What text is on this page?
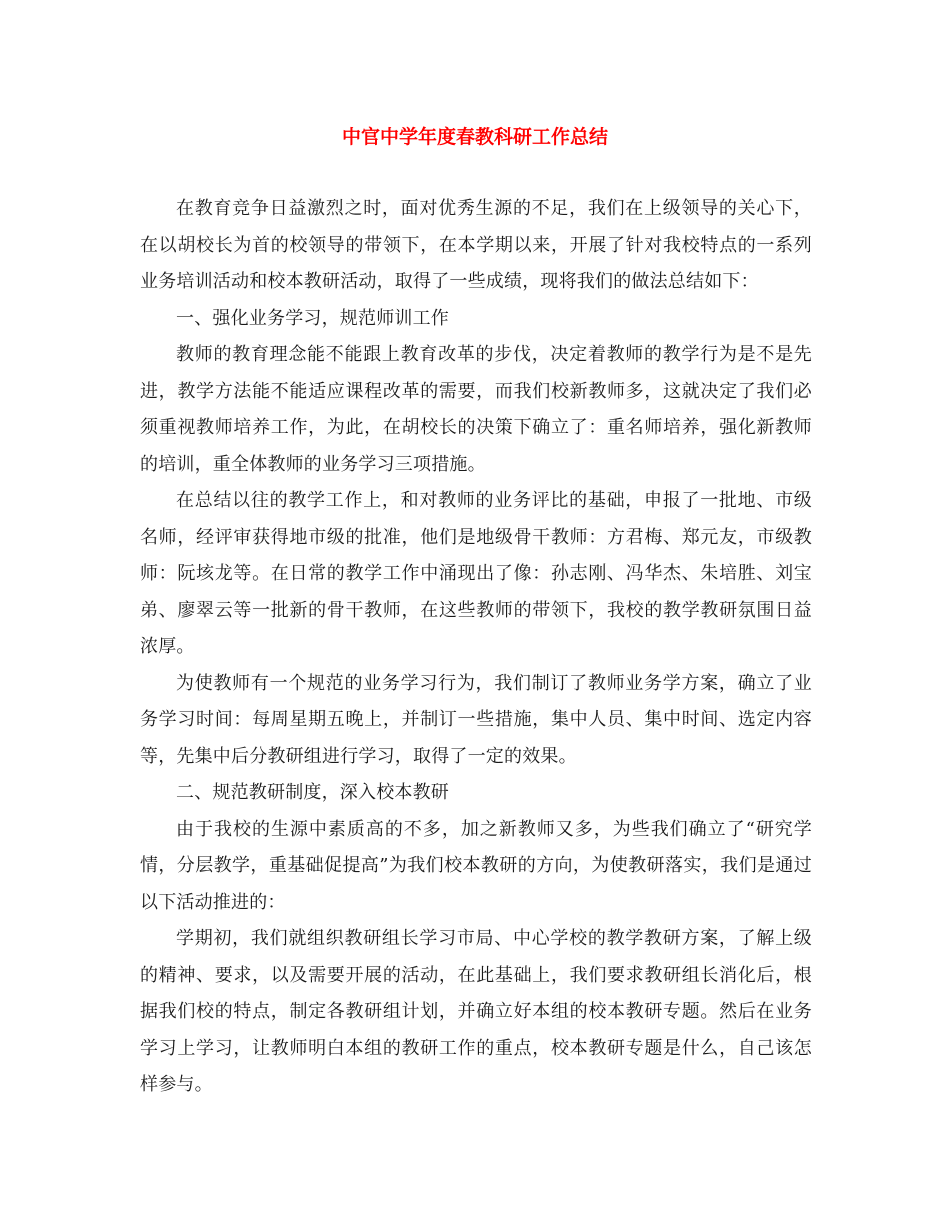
中官中学年度春教科研工作总结

在教育竞争日益激烈之时，面对优秀生源的不足，我们在上级领导的关心下，在以胡校长为首的校领导的带领下，在本学期以来，开展了针对我校特点的一系列业务培训活动和校本教研活动，取得了一些成绩，现将我们的做法总结如下：

一、强化业务学习，规范师训工作

教师的教育理念能不能跟上教育改革的步伐，决定着教师的教学行为是不是先进，教学方法能不能适应课程改革的需要，而我们校新教师多，这就决定了我们必须重视教师培养工作，为此，在胡校长的决策下确立了：重名师培养，强化新教师的培训，重全体教师的业务学习三项措施。

在总结以往的教学工作上，和对教师的业务评比的基础，申报了一批地、市级名师，经评审获得地市级的批准，他们是地级骨干教师：方君梅、郑元友，市级教师：阮垓龙等。在日常的教学工作中涌现出了像：孙志刚、冯华杰、朱培胜、刘宝弟、廖翠云等一批新的骨干教师，在这些教师的带领下，我校的教学教研氛围日益浓厚。

为使教师有一个规范的业务学习行为，我们制订了教师业务学方案，确立了业务学习时间：每周星期五晚上，并制订一些措施，集中人员、集中时间、选定内容等，先集中后分教研组进行学习，取得了一定的效果。

二、规范教研制度，深入校本教研

由于我校的生源中素质高的不多，加之新教师又多，为些我们确立了“研究学情，分层教学，重基础促提高”为我们校本教研的方向，为使教研落实，我们是通过以下活动推进的：

学期初，我们就组织教研组长学习市局、中心学校的教学教研方案，了解上级的精神、要求，以及需要开展的活动，在此基础上，我们要求教研组长消化后，根据我们校的特点，制定各教研组计划，并确立好本组的校本教研专题。然后在业务学习上学习，让教师明白本组的教研工作的重点，校本教研专题是什么，自己该怎样参与。
